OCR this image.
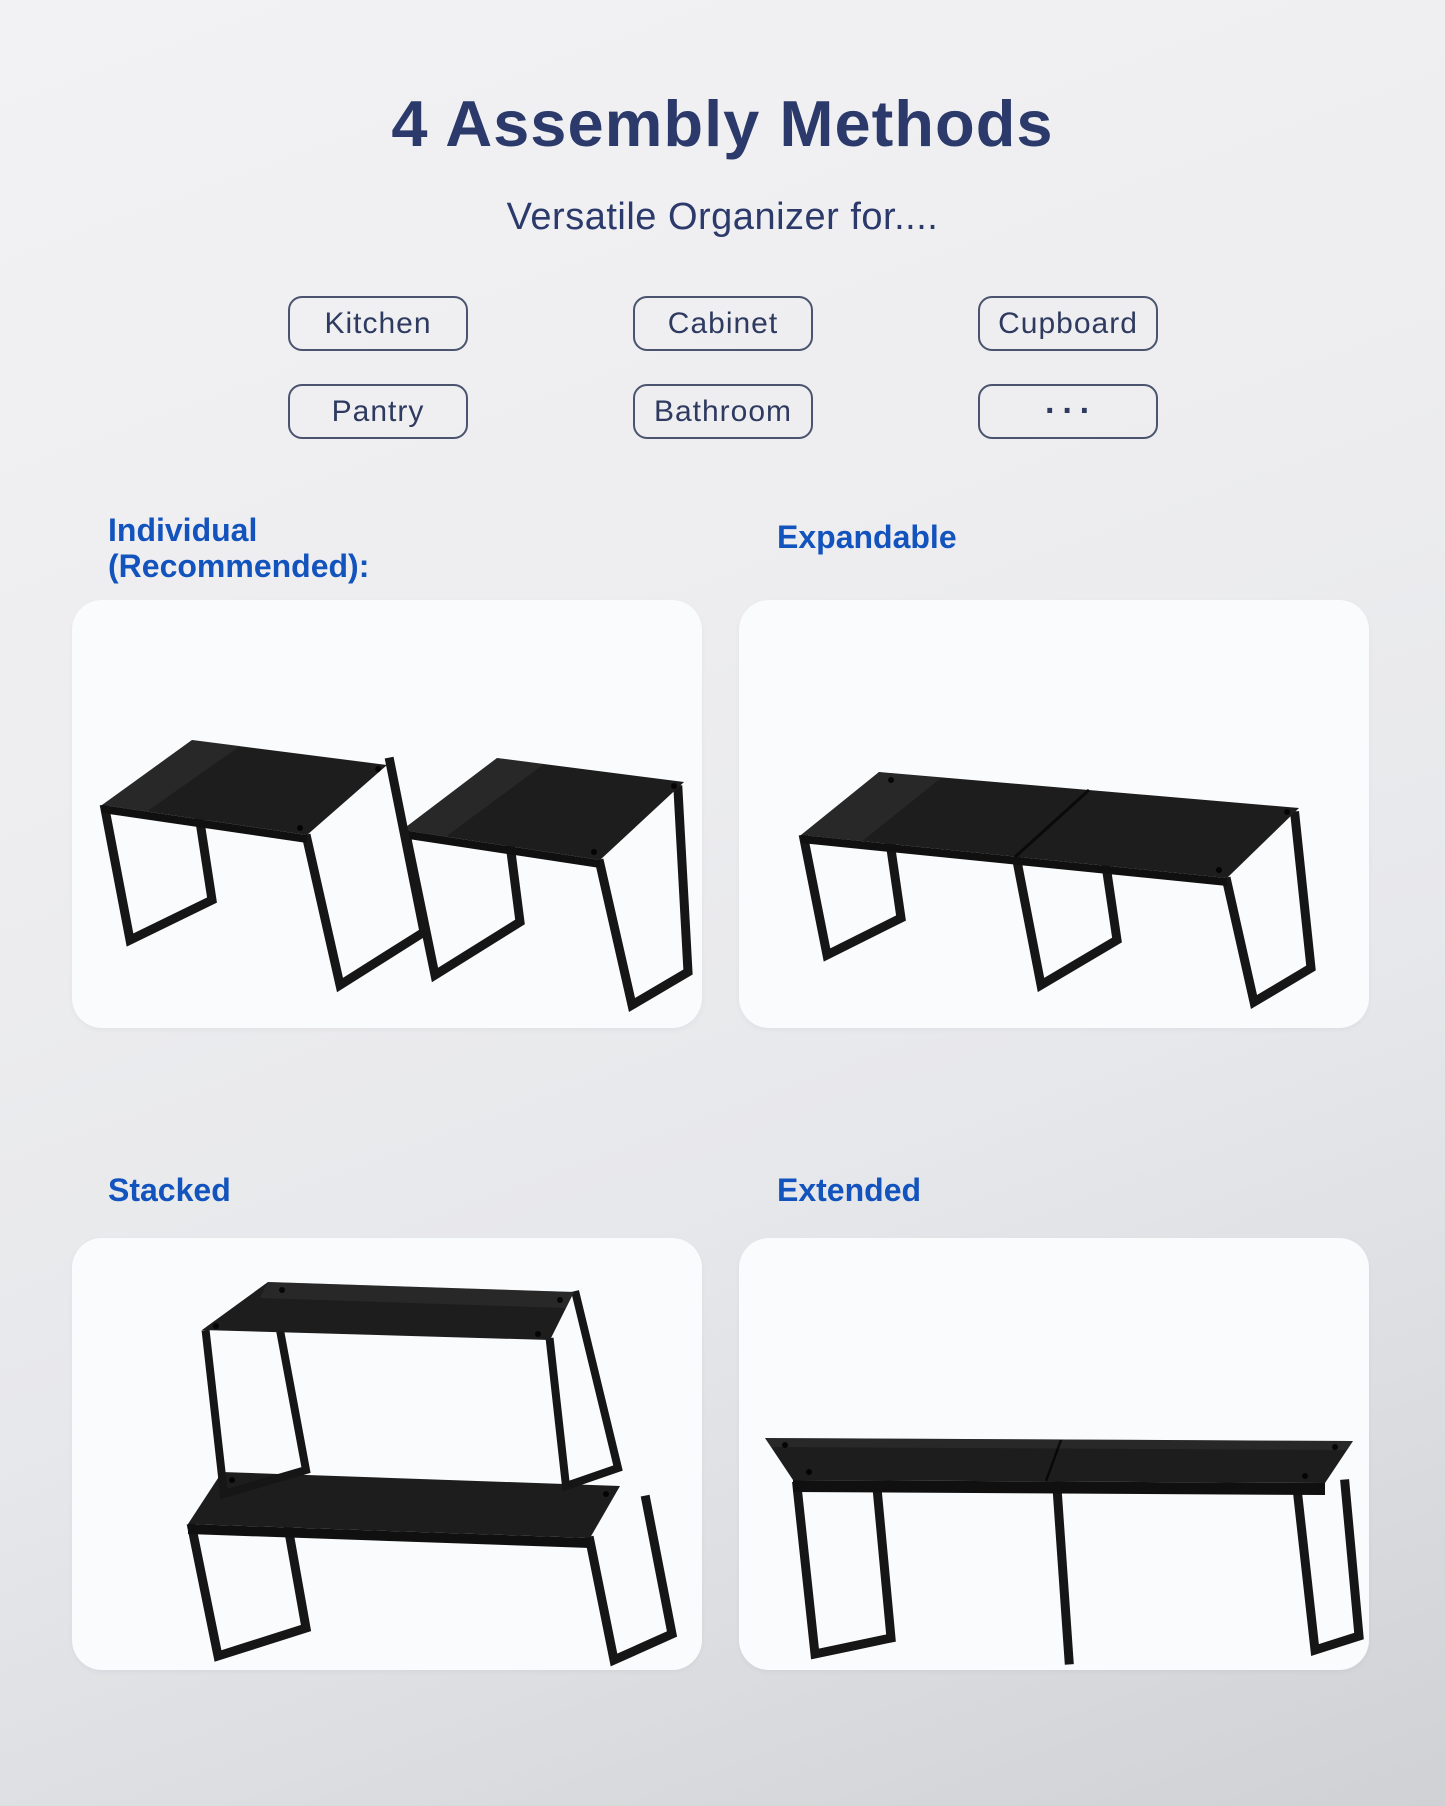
4 Assembly Methods

Versatile Organizer for....

Kitchen	Cabinet	Cupboard
Pantry	Bathroom	···
Individual
(Recommended):
Expandable
Stacked	Extended
